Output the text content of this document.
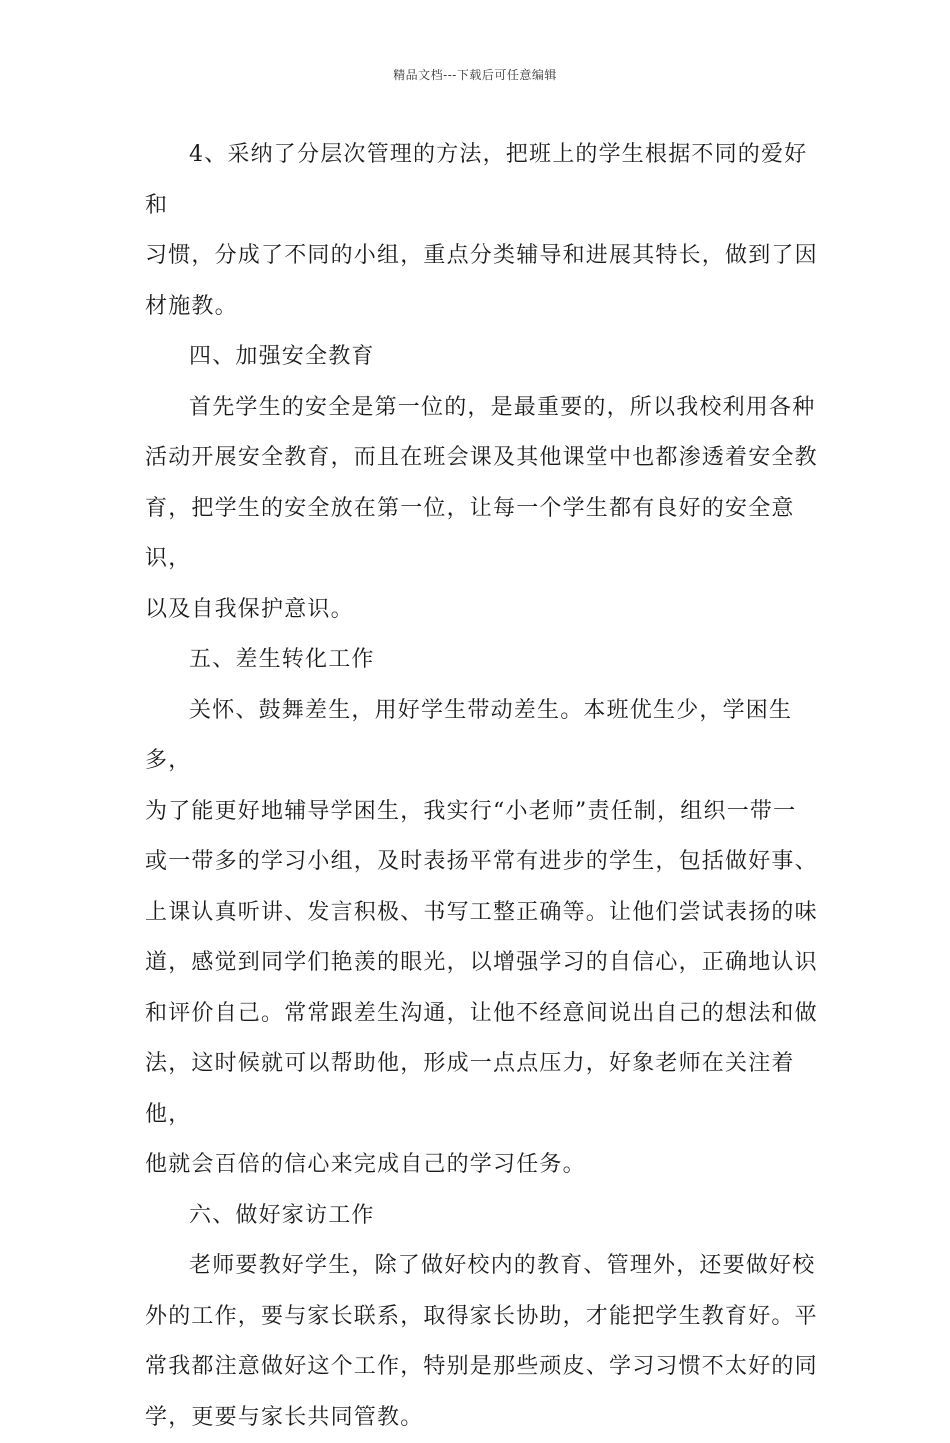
精品文档---下载后可任意编辑

4、采纳了分层次管理的方法，把班上的学生根据不同的爱好和
习惯，分成了不同的小组，重点分类辅导和进展其特长，做到了因
材施教。

四、加强安全教育

首先学生的安全是第一位的，是最重要的，所以我校利用各种
活动开展安全教育，而且在班会课及其他课堂中也都渗透着安全教
育，把学生的安全放在第一位，让每一个学生都有良好的安全意识，
以及自我保护意识。

五、差生转化工作

关怀、鼓舞差生，用好学生带动差生。本班优生少，学困生多，
为了能更好地辅导学困生，我实行“小老师”责任制，组织一带一
或一带多的学习小组，及时表扬平常有进步的学生，包括做好事、
上课认真听讲、发言积极、书写工整正确等。让他们尝试表扬的味
道，感觉到同学们艳羡的眼光，以增强学习的自信心，正确地认识
和评价自己。常常跟差生沟通，让他不经意间说出自己的想法和做
法，这时候就可以帮助他，形成一点点压力，好象老师在关注着他，
他就会百倍的信心来完成自己的学习任务。

六、做好家访工作

老师要教好学生，除了做好校内的教育、管理外，还要做好校
外的工作，要与家长联系，取得家长协助，才能把学生教育好。平
常我都注意做好这个工作，特别是那些顽皮、学习习惯不太好的同
学，更要与家长共同管教。
